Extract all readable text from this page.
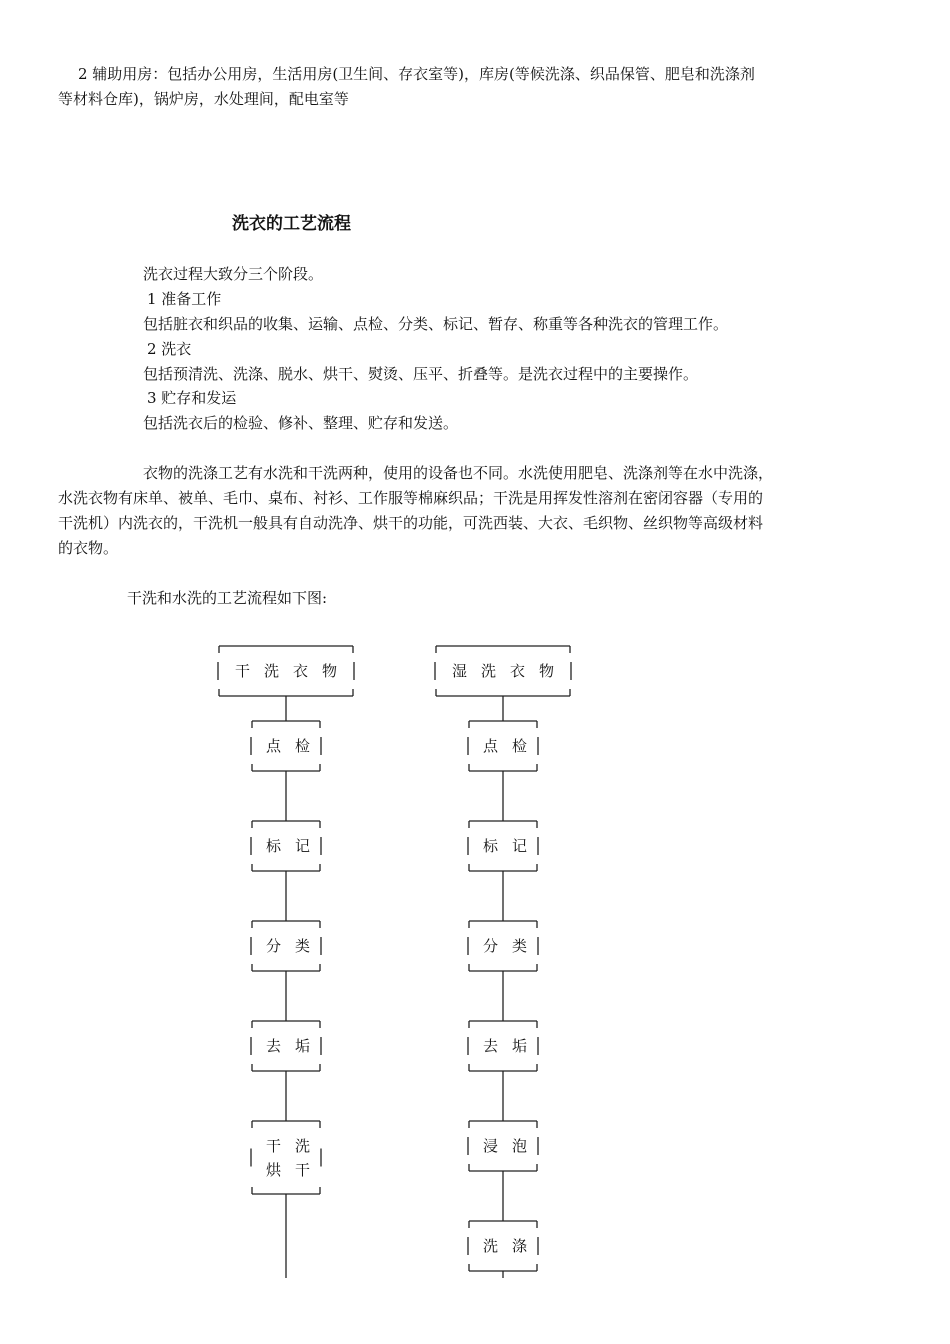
2 辅助用房：包括办公用房，生活用房(卫生间、存衣室等)，库房(等候洗涤、织品保管、肥皂和洗涤剂

等材料仓库)，锅炉房，水处理间，配电室等

洗衣的工艺流程

洗衣过程大致分三个阶段。

1 准备工作

包括脏衣和织品的收集、运输、点检、分类、标记、暂存、称重等各种洗衣的管理工作。

2 洗衣

包括预清洗、洗涤、脱水、烘干、熨烫、压平、折叠等。是洗衣过程中的主要操作。

3 贮存和发运

包括洗衣后的检验、修补、整理、贮存和发送。

衣物的洗涤工艺有水洗和干洗两种，使用的设备也不同。水洗使用肥皂、洗涤剂等在水中洗涤，

水洗衣物有床单、被单、毛巾、桌布、衬衫、工作服等棉麻织品；干洗是用挥发性溶剂在密闭容器（专用的

干洗机）内洗衣的，干洗机一般具有自动洗净、烘干的功能，可洗西装、大衣、毛织物、丝织物等高级材料

的衣物。

干洗和水洗的工艺流程如下图:

干洗衣物
点检
标记
分类
去垢
干洗
烘干
湿洗衣物
点检
标记
分类
去垢
浸泡
洗涤
